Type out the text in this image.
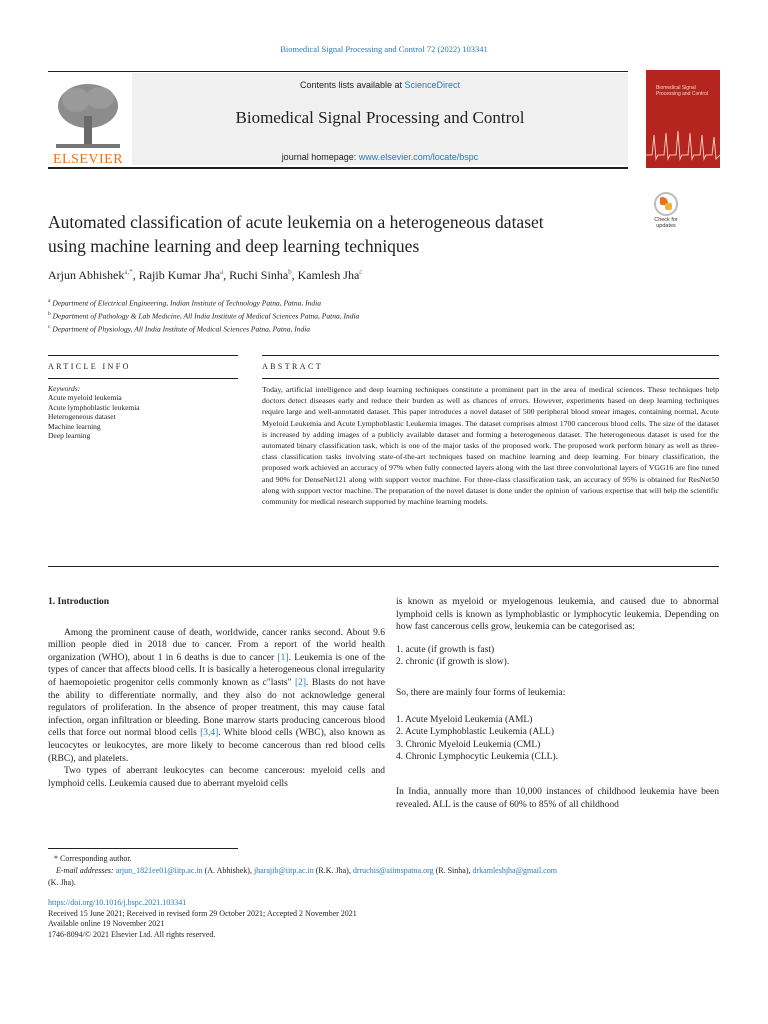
Biomedical Signal Processing and Control 72 (2022) 103341
ELSEVIER
Contents lists available at ScienceDirect
Biomedical Signal Processing and Control
journal homepage: www.elsevier.com/locate/bspc
Biomedical Signal Processing and Control
Check for updates
Automated classification of acute leukemia on a heterogeneous dataset
using machine learning and deep learning techniques
Arjun Abhishek$^{a,*}$, Rajib Kumar Jha$^a$, Ruchi Sinha$^b$, Kamlesh Jha$^c$
$^a$ Department of Electrical Engineering, Indian Institute of Technology Patna, Patna, India
$^b$ Department of Pathology & Lab Medicine, All India Institute of Medical Sciences Patna, Patna, India
$^c$ Department of Physiology, All India Institute of Medical Sciences Patna, Patna, India
ARTICLE INFO	ABSTRACT
Keywords:
Acute myeloid leukemia
Acute lymphoblastic leukemia
Heterogeneous dataset
Machine learning
Deep learning
Today, artificial intelligence and deep learning techniques constitute a prominent part in the area of medical sciences. These techniques help doctors detect diseases early and reduce their burden as well as chances of errors. However, experiments based on deep learning techniques require large and well-annotated dataset. This paper introduces a novel dataset of 500 peripheral blood smear images, containing normal, Acute Myeloid Leukemia and Acute Lymphoblastic Leukemia images. The dataset comprises almost 1700 cancerous blood cells. The size of the dataset is increased by adding images of a publicly available dataset and forming a heterogeneous dataset. The heterogeneous dataset is used for the automated binary classification task, which is one of the major tasks of the proposed work. The proposed work perform binary as well as three-class classification tasks involving state-of-the-art techniques based on machine learning and deep learning. For binary classification, the proposed work achieved an accuracy of 97% when fully connected layers along with the last three convolutional layers of VGG16 are fine tuned and 90% for DenseNet121 along with support vector machine. For three-class classification task, an accuracy of 95% is obtained for ResNet50 along with support vector machine. The preparation of the novel dataset is done under the opinion of various expertise that will help the scientific community for medical research supported by machine learning models.

1. Introduction

Among the prominent cause of death, worldwide, cancer ranks second. About 9.6 million people died in 2018 due to cancer. From a report of the world health organization (WHO), about 1 in 6 deaths is due to cancer [1]. Leukemia is one of the types of cancer that affects blood cells. It is basically a heterogeneous clonal irregularity of haemopoietic progenitor cells commonly known as c"lasts" [2]. Blasts do not have the ability to differentiate normally, and they also do not acknowledge general regulators of proliferation. In the absence of proper treatment, this may cause fatal infection, organ infiltration or bleeding. Bone marrow starts producing cancerous blood cells that force out normal blood cells [3,4]. White blood cells (WBC), also known as leucocytes or leukocytes, are more likely to become cancerous than red blood cells (RBC), and platelets.

Two types of aberrant leukocytes can become cancerous: myeloid cells and lymphoid cells. Leukemia caused due to aberrant myeloid cells

is known as myeloid or myelogenous leukemia, and caused due to abnormal lymphoid cells is known as lymphoblastic or lymphocytic leukemia. Depending on how fast cancerous cells grow, leukemia can be categorised as:

1. acute (if growth is fast)
2. chronic (if growth is slow).

So, there are mainly four forms of leukemia:

1. Acute Myeloid Leukemia (AML)
2. Acute Lymphoblastic Leukemia (ALL)
3. Chronic Myeloid Leukemia (CML)
4. Chronic Lymphocytic Leukemia (CLL).

In India, annually more than 10,000 instances of childhood leukemia have been revealed. ALL is the cause of 60% to 85% of all childhood

* Corresponding author.

E-mail addresses: arjun_1821ee01@iitp.ac.in (A. Abhishek), jharajib@iitp.ac.in (R.K. Jha), drruchis@aiimspatna.org (R. Sinha), drkamleshjha@gmail.com

(K. Jha).

https://doi.org/10.1016/j.bspc.2021.103341

Received 15 June 2021; Received in revised form 29 October 2021; Accepted 2 November 2021

Available online 19 November 2021

1746-8094/© 2021 Elsevier Ltd. All rights reserved.
